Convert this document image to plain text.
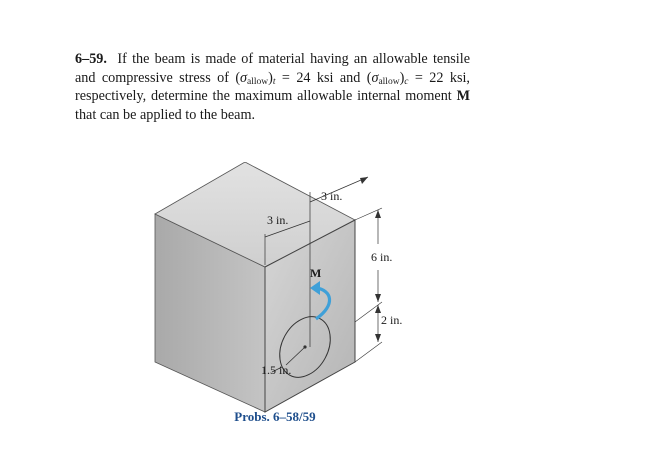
6–59. If the beam is made of material having an allowable tensile and compressive stress of $(\sigma_{allow})_t = 24$ ksi and $(\sigma_{allow})_c = 22$ ksi, respectively, determine the maximum allowable internal moment M that can be applied to the beam.

M
3 in.
3 in.
6 in.
2 in.
1.5 in.
Probs. 6–58/59
